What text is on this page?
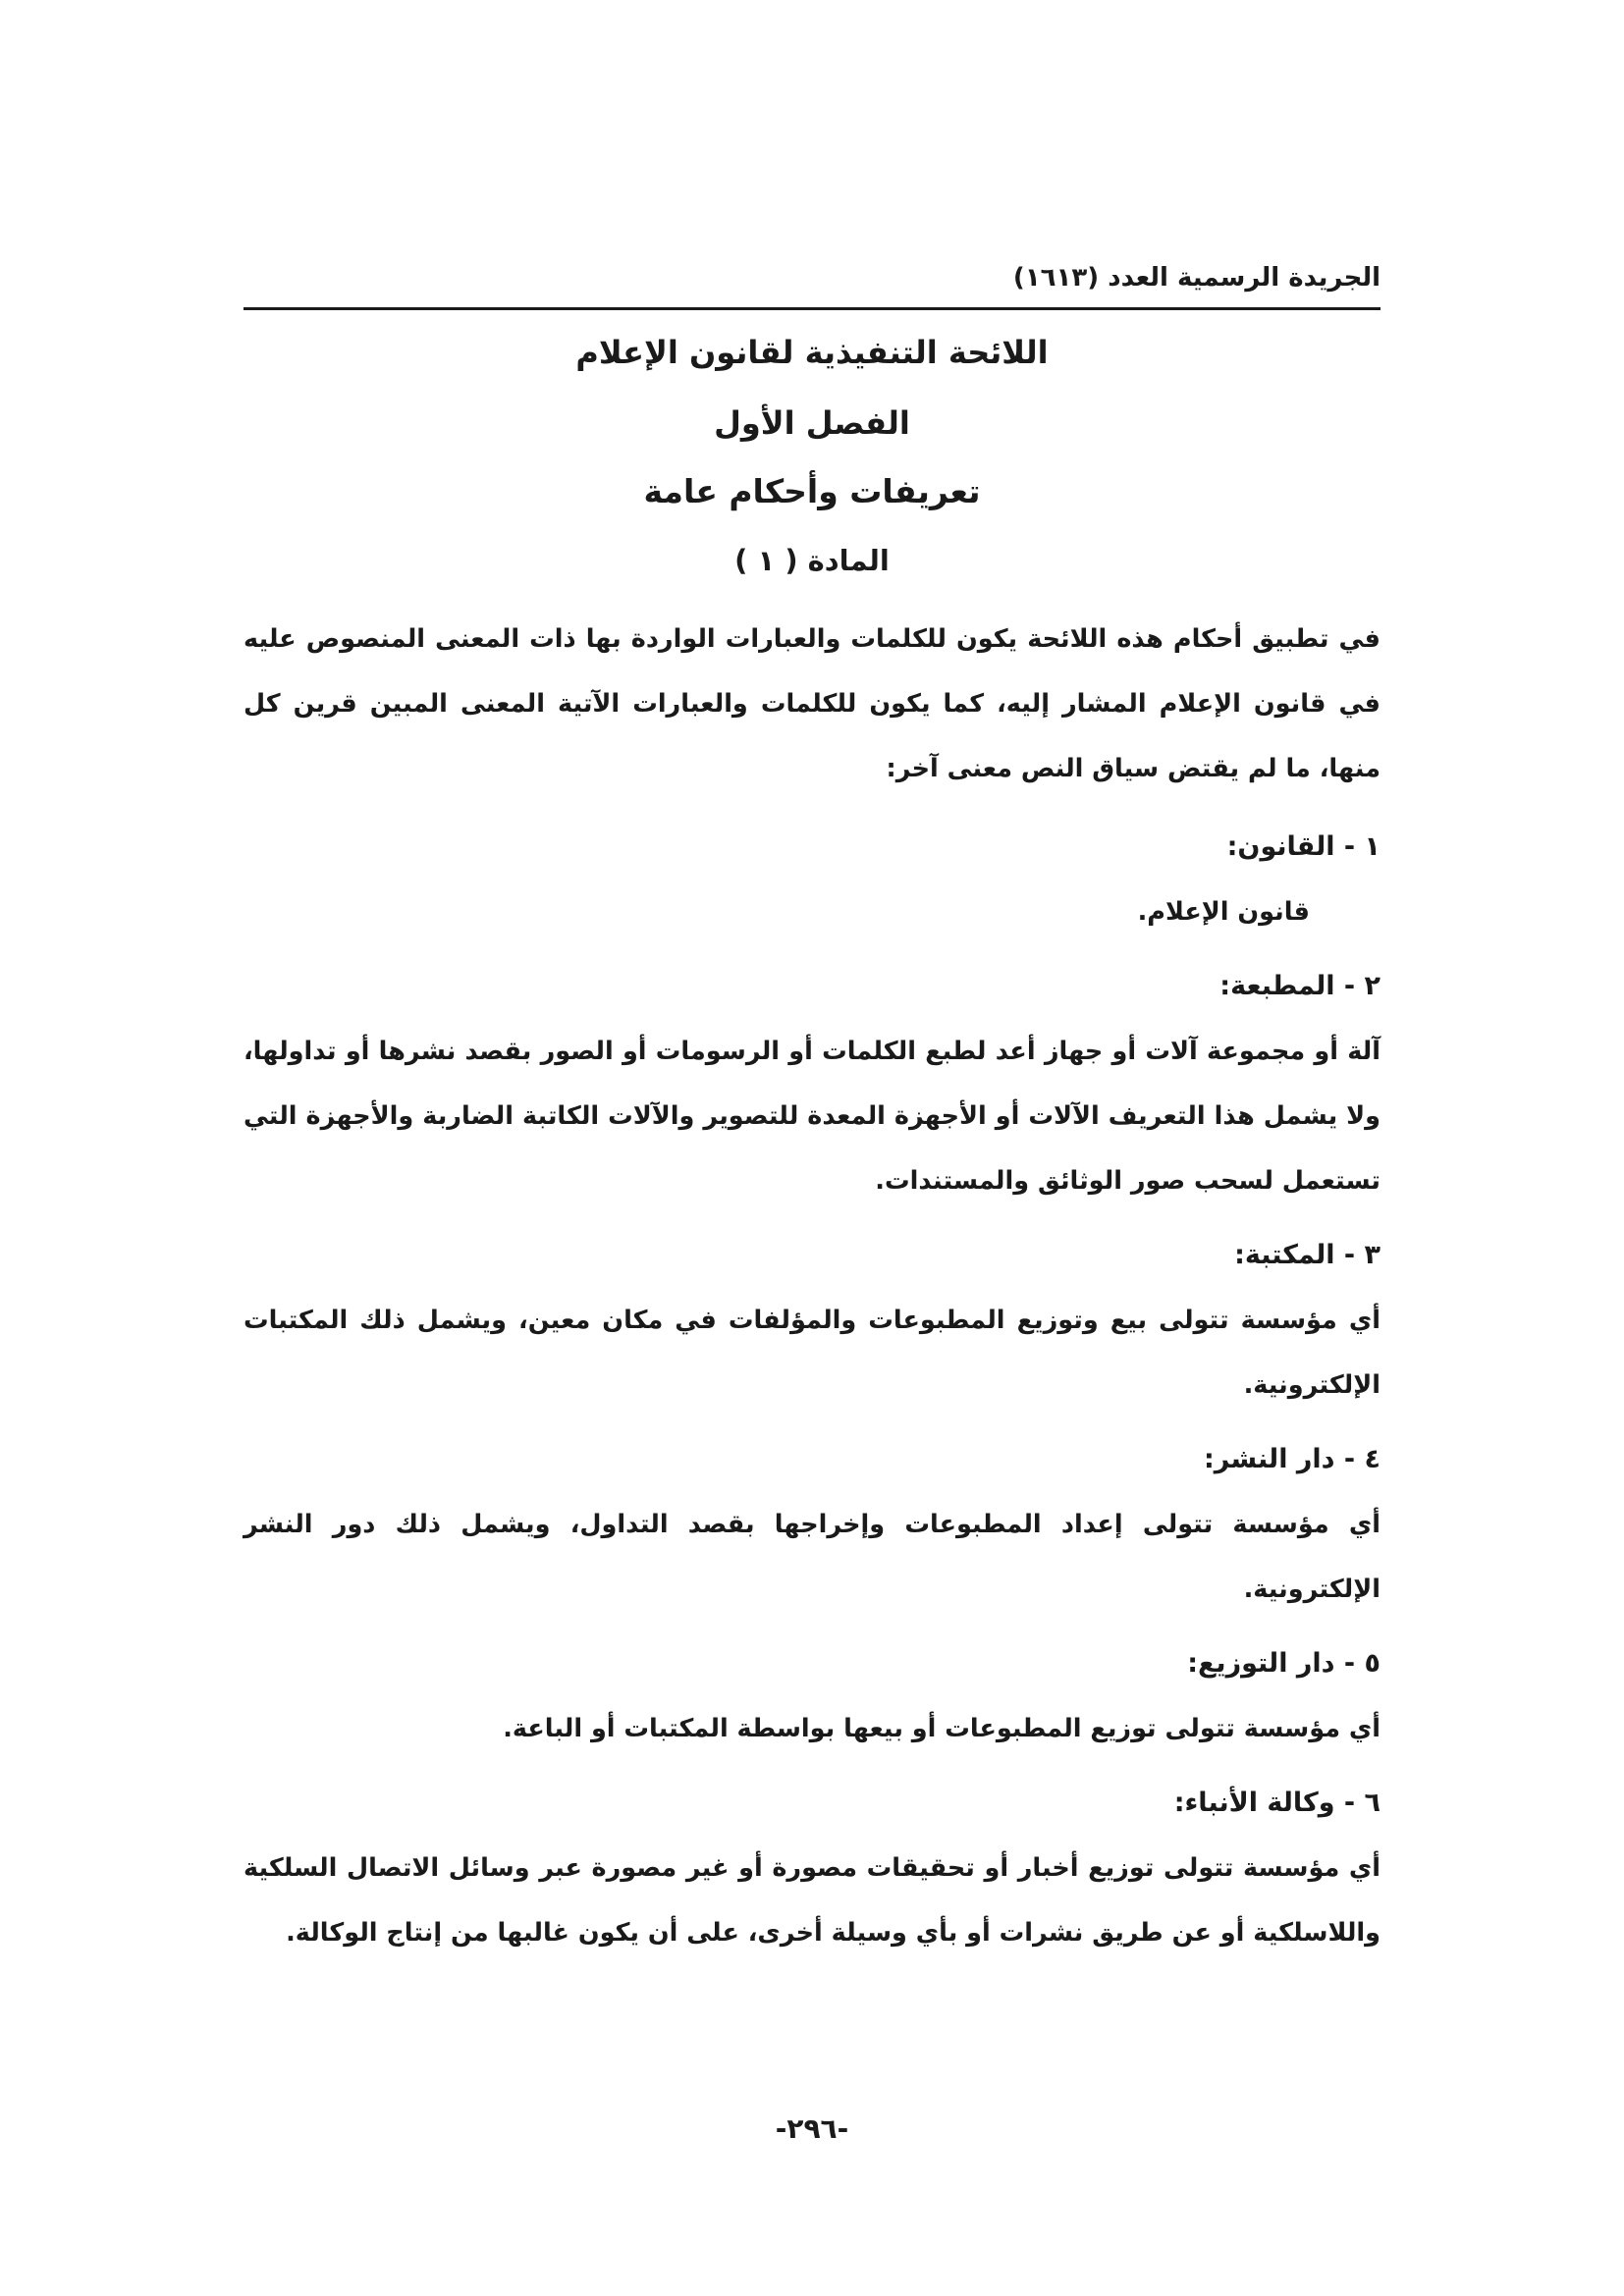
الجريدة الرسمية العدد (١٦١٣)
اللائحة التنفيذية لقانون الإعلام
الفصل الأول
تعريفات وأحكام عامة
المادة ( ١ )

في تطبيق أحكام هذه اللائحة يكون للكلمات والعبارات الواردة بها ذات المعنى المنصوص عليه في قانون الإعلام المشار إليه، كما يكون للكلمات والعبارات الآتية المعنى المبين قرين كل منها، ما لم يقتض سياق النص معنى آخر:

١ - القانون:

قانون الإعلام.

٢ - المطبعة:

آلة أو مجموعة آلات أو جهاز أعد لطبع الكلمات أو الرسومات أو الصور بقصد نشرها أو تداولها، ولا يشمل هذا التعريف الآلات أو الأجهزة المعدة للتصوير والآلات الكاتبة الضاربة والأجهزة التي تستعمل لسحب صور الوثائق والمستندات.

٣ - المكتبة:

أي مؤسسة تتولى بيع وتوزيع المطبوعات والمؤلفات في مكان معين، ويشمل ذلك المكتبات الإلكترونية.

٤ - دار النشر:

أي مؤسسة تتولى إعداد المطبوعات وإخراجها بقصد التداول، ويشمل ذلك دور النشر الإلكترونية.

٥ - دار التوزيع:

أي مؤسسة تتولى توزيع المطبوعات أو بيعها بواسطة المكتبات أو الباعة.

٦ - وكالة الأنباء:

أي مؤسسة تتولى توزيع أخبار أو تحقيقات مصورة أو غير مصورة عبر وسائل الاتصال السلكية واللاسلكية أو عن طريق نشرات أو بأي وسيلة أخرى، على أن يكون غالبها من إنتاج الوكالة.

-٢٩٦-
